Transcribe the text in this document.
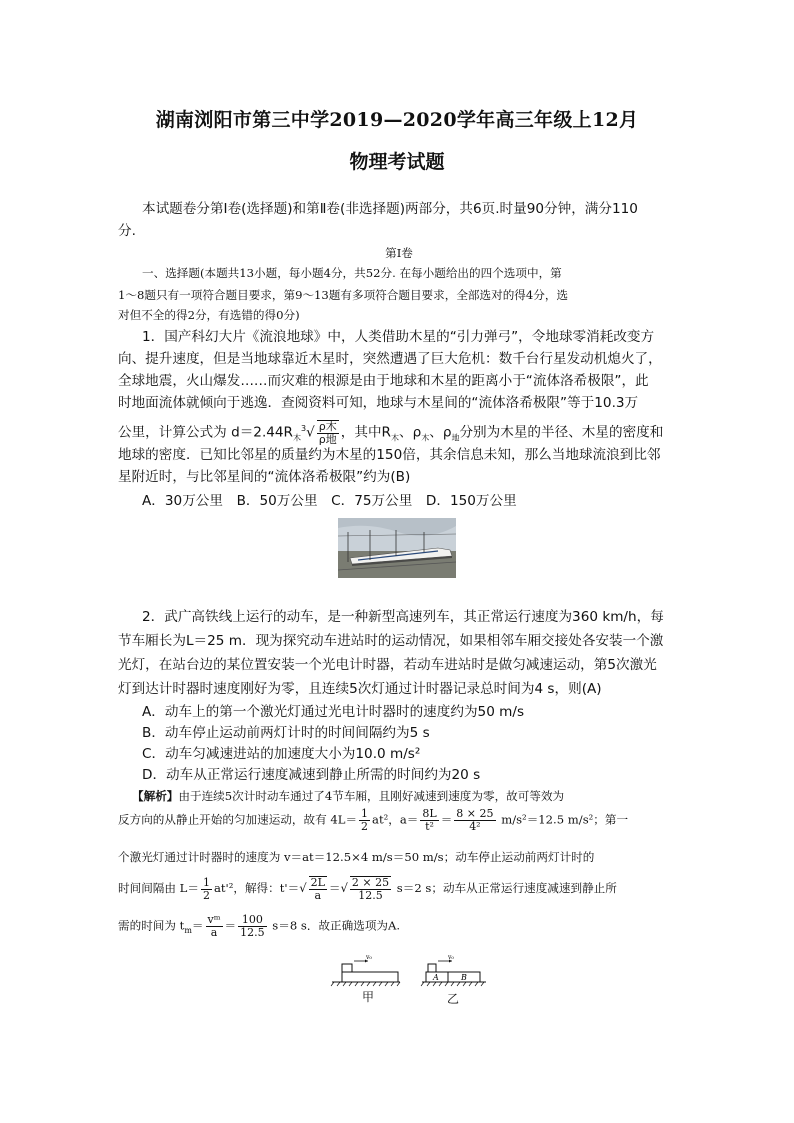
湖南浏阳市第三中学2019—2020学年高三年级上12月
物理考试题
本试题卷分第Ⅰ卷(选择题)和第Ⅱ卷(非选择题)两部分，共6页.时量90分钟，满分110
分.
第Ⅰ卷
一、选择题(本题共13小题，每小题4分，共52分. 在每小题给出的四个选项中，第
1～8题只有一项符合题目要求，第9～13题有多项符合题目要求，全部选对的得4分，选
对但不全的得2分，有选错的得0分)
1．国产科幻大片《流浪地球》中，人类借助木星的“引力弹弓”，令地球零消耗改变方
向、提升速度，但是当地球靠近木星时，突然遭遇了巨大危机：数千台行星发动机熄火了，
全球地震，火山爆发……而灾难的根源是由于地球和木星的距离小于“流体洛希极限”，此
时地面流体就倾向于逃逸．查阅资料可知，地球与木星间的“流体洛希极限”等于10.3万
公里，计算公式为 $d=2.44R_木^3√ \frac{\text{ρ木}}{\text{ρ地}}$ ，其中$R_木$、$\rho_木$、$\rho_地$分别为木星的半径、木星的密度和
地球的密度．已知比邻星的质量约为木星的150倍，其余信息未知，那么当地球流浪到比邻
星附近时，与比邻星间的“流体洛希极限”约为(B)
A．30万公里　B．50万公里　C．75万公里　D．150万公里
2．武广高铁线上运行的动车，是一种新型高速列车，其正常运行速度为360 km/h，每
节车厢长为L＝25 m．现为探究动车进站时的运动情况，如果相邻车厢交接处各安装一个激
光灯，在站台边的某位置安装一个光电计时器，若动车进站时是做匀减速运动，第5次激光
灯到达计时器时速度刚好为零，且连续5次灯通过计时器记录总时间为4 s，则(A)
A．动车上的第一个激光灯通过光电计时器时的速度约为50 m/s
B．动车停止运动前两灯计时的时间间隔约为5 s
C．动车匀减速进站的加速度大小为10.0 m/s²
D．动车从正常运行速度减速到静止所需的时间约为20 s
【解析】由于连续5次计时动车通过了4节车厢，且刚好减速到速度为零，故可等效为
反方向的从静止开始的匀加速运动，故有 $4L= \frac{1}{2} at^2$，$a= \frac{8L}{\text{t²}} = \frac{8 \times 25}{\text{4²}} m/s^2=12.5$ m/s²；第一
个激光灯通过计时器时的速度为 v＝at＝12.5×4 m/s＝50 m/s；动车停止运动前两灯计时的
时间间隔由 $L= \frac{1}{2} at'^2$，解得：$t'=√ \frac{2L}{a}$ ＝√ $\frac{2 \times 25}{12.5} s=2$ s；动车从正常运行速度减速到静止所
需的时间为 $t_m= \frac{\text{vᵐ}}{a} = \frac{100}{12.5} s=8$ s．故正确选项为A.
v₀	v₀
A	B
甲	乙
